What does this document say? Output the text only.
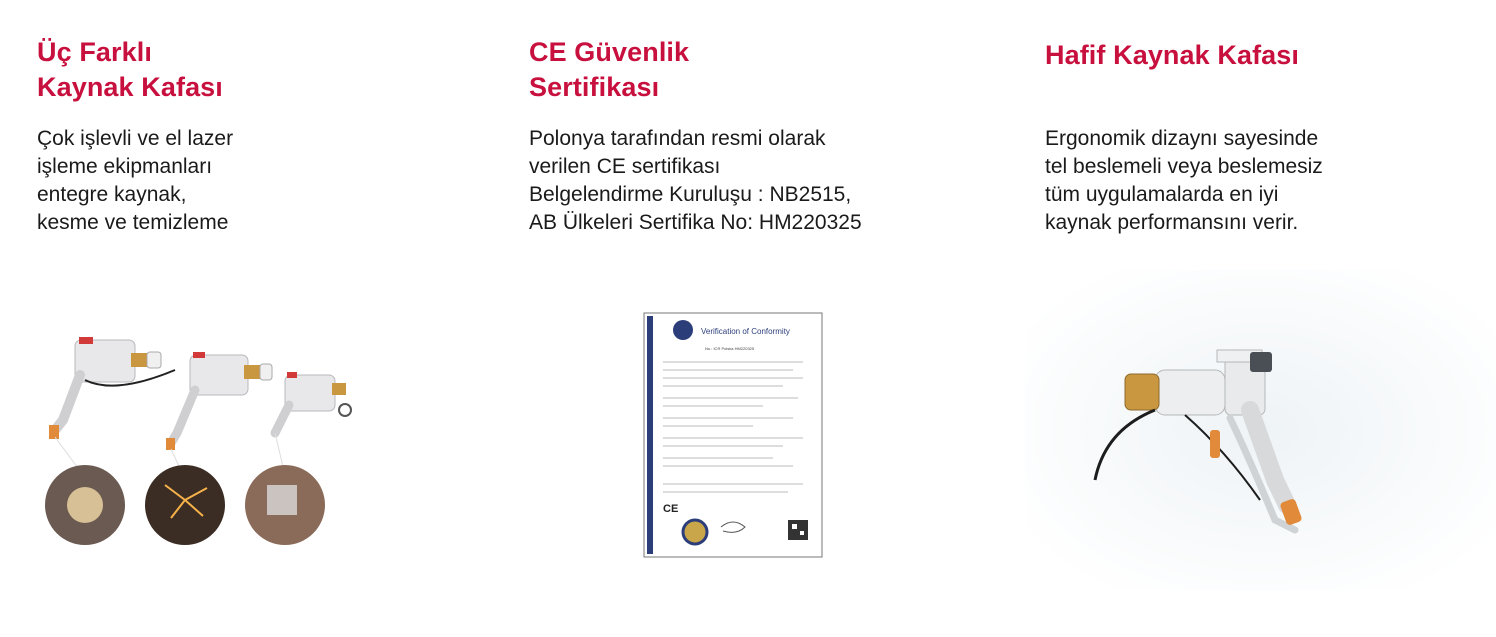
Üç Farklı
Kaynak Kafası

Çok işlevli ve el lazer
işleme ekipmanları
entegre kaynak,
kesme ve temizleme

CE Güvenlik
Sertifikası

Polonya tarafından resmi olarak
verilen CE sertifikası
Belgelendirme Kuruluşu : NB2515,
AB Ülkeleri Sertifika No: HM220325

Verification of Conformity
No.: ICR Polska HM220325
CE
Hafif Kaynak Kafası

Ergonomik dizaynı sayesinde
tel beslemeli veya beslemesiz
tüm uygulamalarda en iyi
kaynak performansını verir.
